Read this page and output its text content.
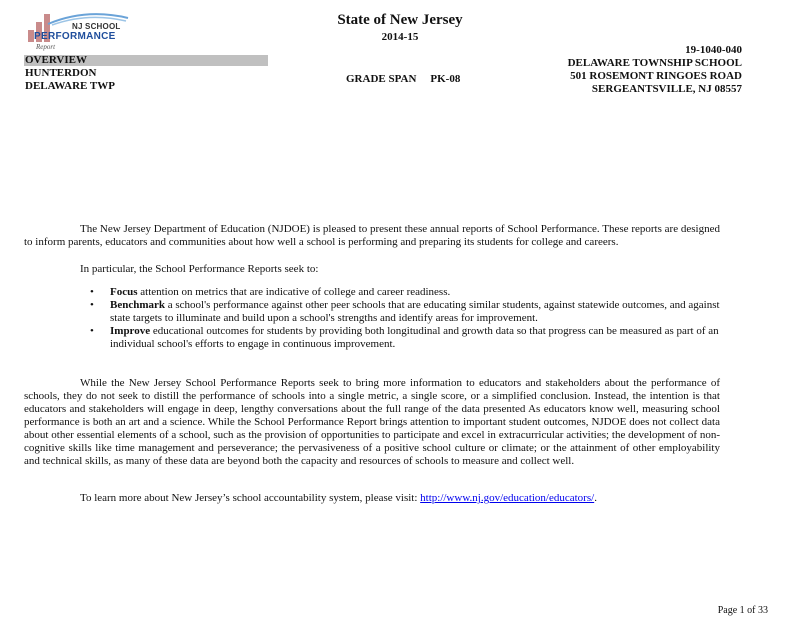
NJ SCHOOL
PERFORMANCE
Report
State of New Jersey
2014-15
OVERVIEW
HUNTERDON
DELAWARE TWP
GRADE SPAN PK-08
19-1040-040
DELAWARE TOWNSHIP SCHOOL
501 ROSEMONT RINGOES ROAD
SERGEANTSVILLE, NJ 08557

The New Jersey Department of Education (NJDOE) is pleased to present these annual reports of School Performance. These reports are designed to inform parents, educators and communities about how well a school is performing and preparing its students for college and careers.

In particular, the School Performance Reports seek to:

• Focus attention on metrics that are indicative of college and career readiness.
• Benchmark a school's performance against other peer schools that are educating similar students, against statewide outcomes, and against state targets to illuminate and build upon a school's strengths and identify areas for improvement.
• Improve educational outcomes for students by providing both longitudinal and growth data so that progress can be measured as part of an individual school's efforts to engage in continuous improvement.

While the New Jersey School Performance Reports seek to bring more information to educators and stakeholders about the performance of schools, they do not seek to distill the performance of schools into a single metric, a single score, or a simplified conclusion. Instead, the intention is that educators and stakeholders will engage in deep, lengthy conversations about the full range of the data presented As educators know well, measuring school performance is both an art and a science. While the School Performance Report brings attention to important student outcomes, NJDOE does not collect data about other essential elements of a school, such as the provision of opportunities to participate and excel in extracurricular activities; the development of non-cognitive skills like time management and perseverance; the pervasiveness of a positive school culture or climate; or the attainment of other employability and technical skills, as many of these data are beyond both the capacity and resources of schools to measure and collect well.

To learn more about New Jersey’s school accountability system, please visit: http://www.nj.gov/education/educators/.

Page 1 of 33
